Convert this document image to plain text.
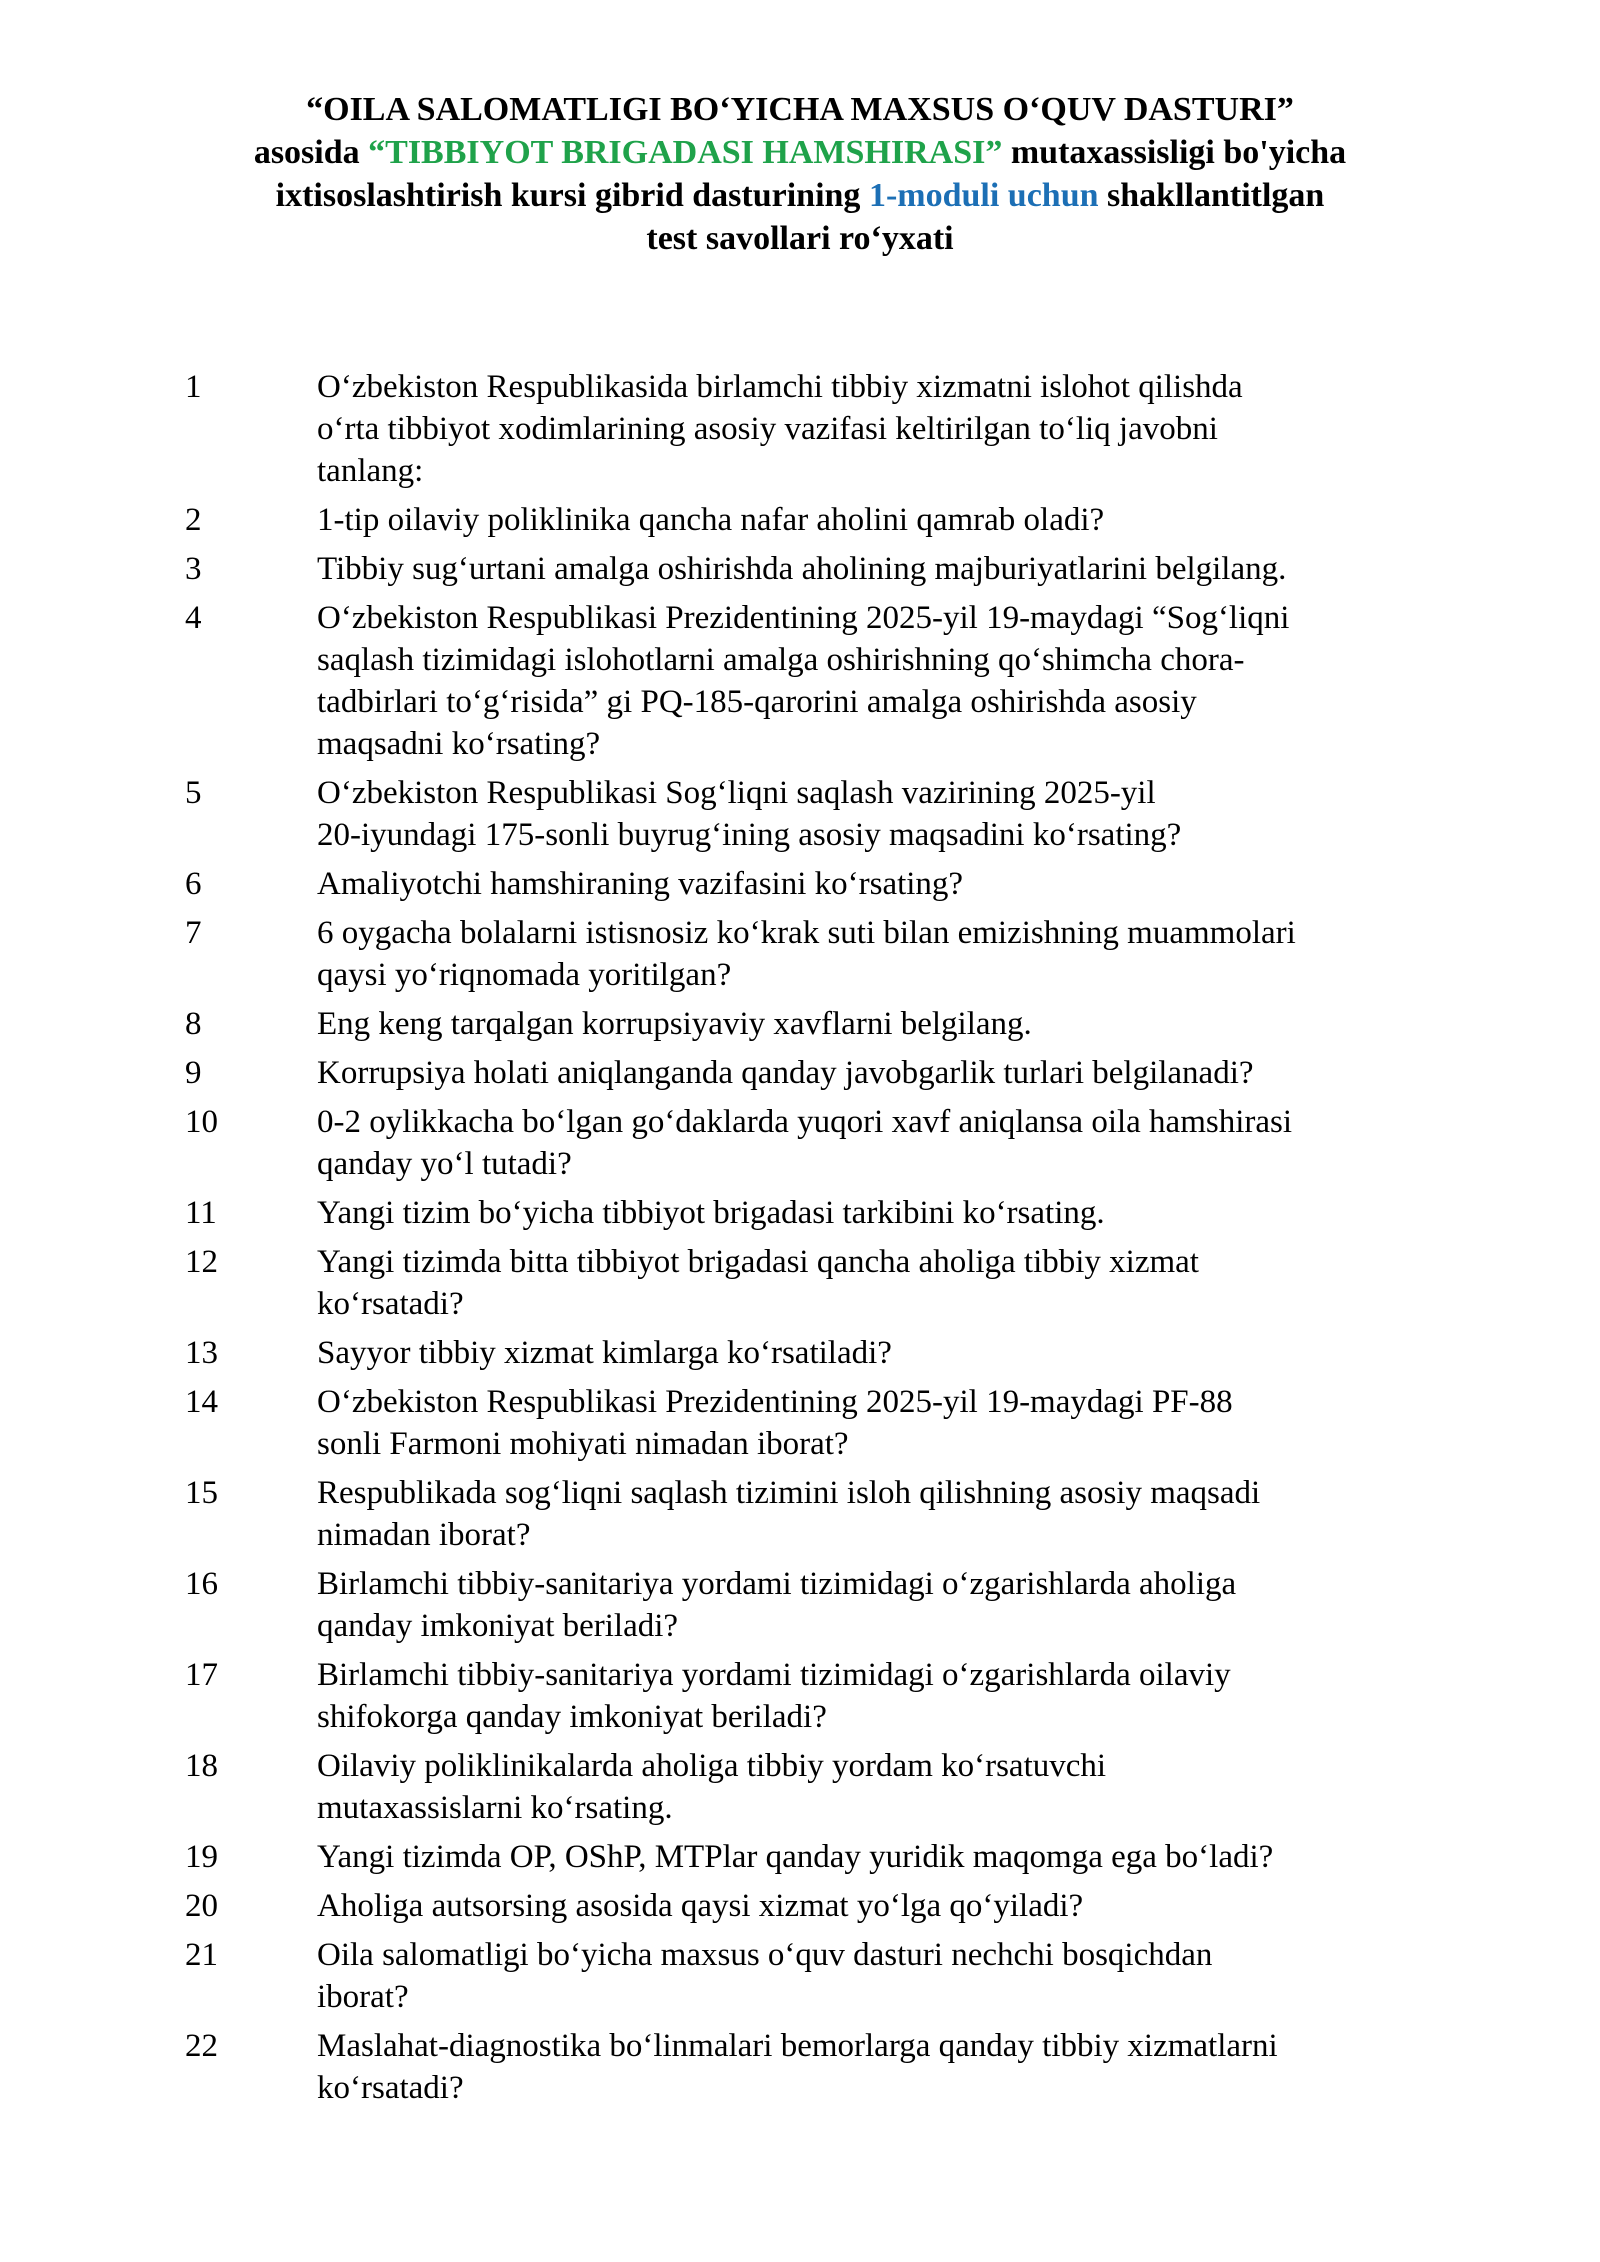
“OILA SALOMATLIGI BOʻYICHA MAXSUS OʻQUV DASTURI”
asosida “TIBBIYOT BRIGADASI HAMSHIRASI” mutaxassisligi bo'yicha
ixtisoslashtirish kursi gibrid dasturining 1-moduli uchun shakllantitlgan
test savollari roʻyxati
1	Oʻzbekiston Respublikasida birlamchi tibbiy xizmatni islohot qilishda
oʻrta tibbiyot xodimlarining asosiy vazifasi keltirilgan toʻliq javobni
tanlang:
2	1-tip oilaviy poliklinika qancha nafar aholini qamrab oladi?
3	Tibbiy sugʻurtani amalga oshirishda aholining majburiyatlarini belgilang.
4	Oʻzbekiston Respublikasi Prezidentining 2025-yil 19-maydagi “Sogʻliqni
saqlash tizimidagi islohotlarni amalga oshirishning qoʻshimcha chora-
tadbirlari toʻgʻrisida” gi PQ-185-qarorini amalga oshirishda asosiy
maqsadni koʻrsating?
5	Oʻzbekiston Respublikasi Sogʻliqni saqlash vazirining 2025-yil
20-iyundagi 175-sonli buyrugʻining asosiy maqsadini koʻrsating?
6	Amaliyotchi hamshiraning vazifasini koʻrsating?
7	6 oygacha bolalarni istisnosiz koʻkrak suti bilan emizishning muammolari
qaysi yoʻriqnomada yoritilgan?
8	Eng keng tarqalgan korrupsiyaviy xavflarni belgilang.
9	Korrupsiya holati aniqlanganda qanday javobgarlik turlari belgilanadi?
10	0-2 oylikkacha boʻlgan goʻdaklarda yuqori xavf aniqlansa oila hamshirasi
qanday yoʻl tutadi?
11	Yangi tizim boʻyicha tibbiyot brigadasi tarkibini koʻrsating.
12	Yangi tizimda bitta tibbiyot brigadasi qancha aholiga tibbiy xizmat
koʻrsatadi?
13	Sayyor tibbiy xizmat kimlarga koʻrsatiladi?
14	Oʻzbekiston Respublikasi Prezidentining 2025-yil 19-maydagi PF-88
sonli Farmoni mohiyati nimadan iborat?
15	Respublikada sogʻliqni saqlash tizimini isloh qilishning asosiy maqsadi
nimadan iborat?
16	Birlamchi tibbiy-sanitariya yordami tizimidagi oʻzgarishlarda aholiga
qanday imkoniyat beriladi?
17	Birlamchi tibbiy-sanitariya yordami tizimidagi oʻzgarishlarda oilaviy
shifokorga qanday imkoniyat beriladi?
18	Oilaviy poliklinikalarda aholiga tibbiy yordam koʻrsatuvchi
mutaxassislarni koʻrsating.
19	Yangi tizimda OP, OShP, MTPlar qanday yuridik maqomga ega boʻladi?
20	Aholiga autsorsing asosida qaysi xizmat yoʻlga qoʻyiladi?
21	Oila salomatligi boʻyicha maxsus oʻquv dasturi nechchi bosqichdan
iborat?
22	Maslahat-diagnostika boʻlinmalari bemorlarga qanday tibbiy xizmatlarni
koʻrsatadi?
